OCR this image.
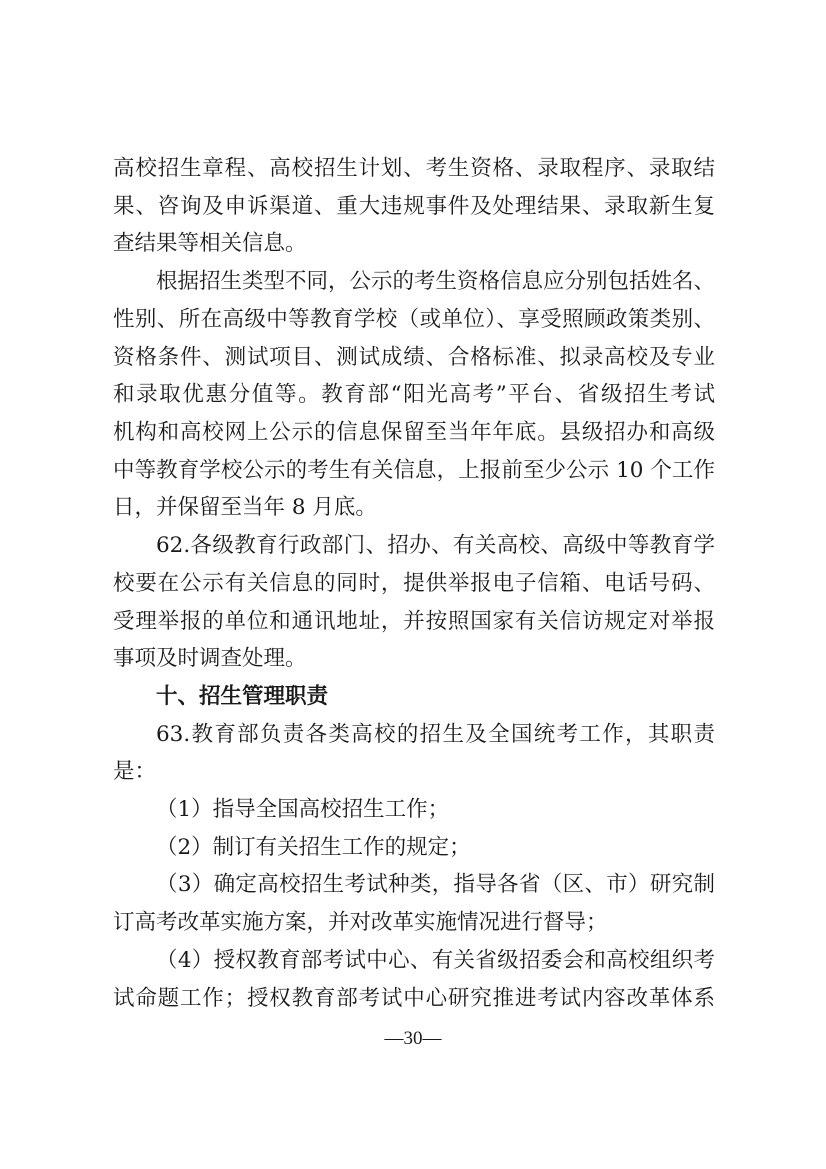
高校招生章程、高校招生计划、考生资格、录取程序、录取结
果、咨询及申诉渠道、重大违规事件及处理结果、录取新生复
查结果等相关信息。
根据招生类型不同，公示的考生资格信息应分别包括姓名、
性别、所在高级中等教育学校（或单位）、享受照顾政策类别、
资格条件、测试项目、测试成绩、合格标准、拟录高校及专业
和录取优惠分值等。教育部“阳光高考”平台、省级招生考试
机构和高校网上公示的信息保留至当年年底。县级招办和高级
中等教育学校公示的考生有关信息，上报前至少公示 10 个工作
日，并保留至当年 8 月底。
62.各级教育行政部门、招办、有关高校、高级中等教育学
校要在公示有关信息的同时，提供举报电子信箱、电话号码、
受理举报的单位和通讯地址，并按照国家有关信访规定对举报
事项及时调查处理。
十、招生管理职责
63.教育部负责各类高校的招生及全国统考工作，其职责
是：
（1）指导全国高校招生工作；
（2）制订有关招生工作的规定；
（3）确定高校招生考试种类，指导各省（区、市）研究制
订高考改革实施方案，并对改革实施情况进行督导；
（4）授权教育部考试中心、有关省级招委会和高校组织考
试命题工作；授权教育部考试中心研究推进考试内容改革体系
—30—
